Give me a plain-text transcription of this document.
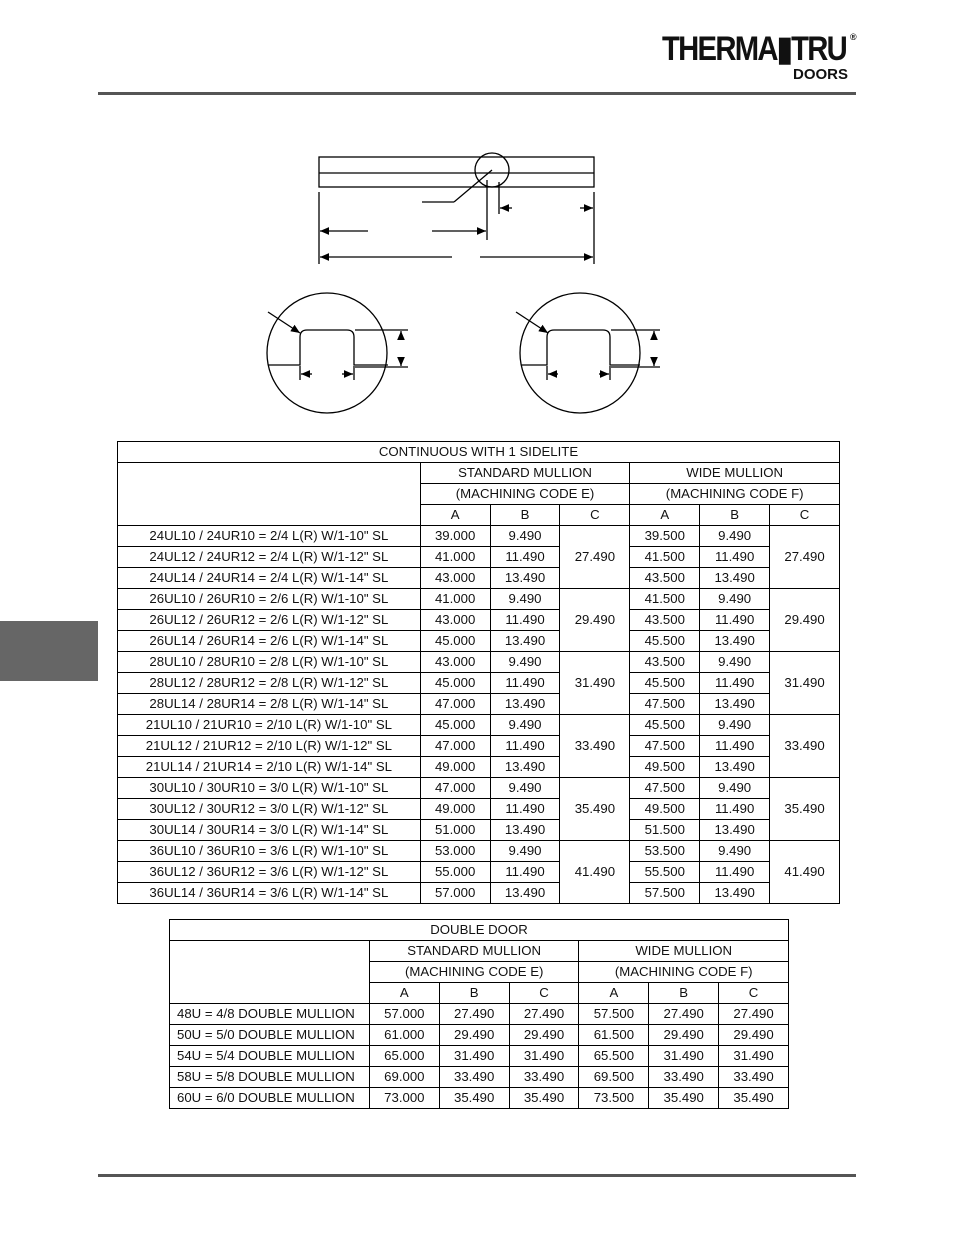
THERMA▮TRU
DOORS
®
CONTINUOUS WITH 1 SIDELITE						
	STANDARD MULLION			WIDE MULLION		
	(MACHINING CODE E)			(MACHINING CODE F)		
	A	B	C	A	B	C
24UL10 / 24UR10 = 2/4 L(R) W/1-10" SL	39.000	9.490	27.490	39.500	9.490	27.490
24UL12 / 24UR12 = 2/4 L(R) W/1-12" SL	41.000	11.490		41.500	11.490	
24UL14 / 24UR14 = 2/4 L(R) W/1-14" SL	43.000	13.490		43.500	13.490	
26UL10 / 26UR10 = 2/6 L(R) W/1-10" SL	41.000	9.490	29.490	41.500	9.490	29.490
26UL12 / 26UR12 = 2/6 L(R) W/1-12" SL	43.000	11.490		43.500	11.490	
26UL14 / 26UR14 = 2/6 L(R) W/1-14" SL	45.000	13.490		45.500	13.490	
28UL10 / 28UR10 = 2/8 L(R) W/1-10" SL	43.000	9.490	31.490	43.500	9.490	31.490
28UL12 / 28UR12 = 2/8 L(R) W/1-12" SL	45.000	11.490		45.500	11.490	
28UL14 / 28UR14 = 2/8 L(R) W/1-14" SL	47.000	13.490		47.500	13.490	
21UL10 / 21UR10 = 2/10 L(R) W/1-10" SL	45.000	9.490	33.490	45.500	9.490	33.490
21UL12 / 21UR12 = 2/10 L(R) W/1-12" SL	47.000	11.490		47.500	11.490	
21UL14 / 21UR14 = 2/10 L(R) W/1-14" SL	49.000	13.490		49.500	13.490	
30UL10 / 30UR10 = 3/0 L(R) W/1-10" SL	47.000	9.490	35.490	47.500	9.490	35.490
30UL12 / 30UR12 = 3/0 L(R) W/1-12" SL	49.000	11.490		49.500	11.490	
30UL14 / 30UR14 = 3/0 L(R) W/1-14" SL	51.000	13.490		51.500	13.490	
36UL10 / 36UR10 = 3/6 L(R) W/1-10" SL	53.000	9.490	41.490	53.500	9.490	41.490
36UL12 / 36UR12 = 3/6 L(R) W/1-12" SL	55.000	11.490		55.500	11.490	
36UL14 / 36UR14 = 3/6 L(R) W/1-14" SL	57.000	13.490		57.500	13.490	
DOUBLE DOOR						
	STANDARD MULLION			WIDE MULLION		
	(MACHINING CODE E)			(MACHINING CODE F)		
	A	B	C	A	B	C
48U = 4/8 DOUBLE MULLION	57.000	27.490	27.490	57.500	27.490	27.490
50U = 5/0 DOUBLE MULLION	61.000	29.490	29.490	61.500	29.490	29.490
54U = 5/4 DOUBLE MULLION	65.000	31.490	31.490	65.500	31.490	31.490
58U = 5/8 DOUBLE MULLION	69.000	33.490	33.490	69.500	33.490	33.490
60U = 6/0 DOUBLE MULLION	73.000	35.490	35.490	73.500	35.490	35.490
